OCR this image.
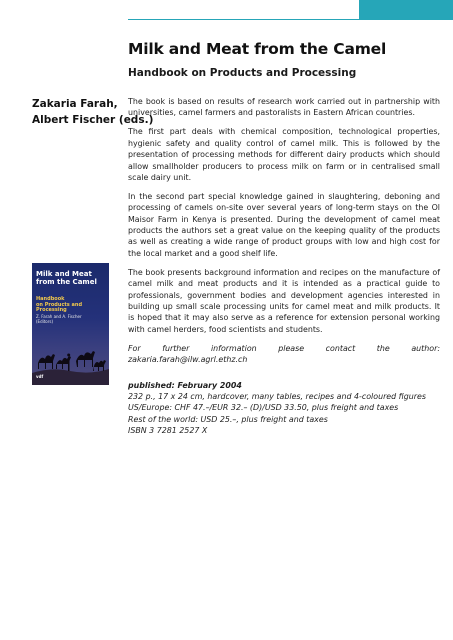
Milk and Meat from the Camel
Handbook on Products and Processing
Zakaria Farah,
Albert Fischer (eds.)

The book is based on results of research work carried out in partnership with universities, camel farmers and pastoralists in Eastern African countries.

The first part deals with chemical composition, technological properties, hygienic safety and quality control of camel milk. This is followed by the presentation of processing methods for different dairy products which should allow smallholder producers to process milk on farm or in centralised small scale dairy unit.

In the second part special knowledge gained in slaughtering, deboning and processing of camels on-site over several years of long-term stays on the Ol Maisor Farm in Kenya is presented. During the development of camel meat products the authors set a great value on the keeping quality of the products as well as creating a wide range of product groups with low and high cost for the local market and a good shelf life.

The book presents background information and recipes on the manufacture of camel milk and meat products and it is intended as a practical guide to professionals, government bodies and development agencies interested in building up small scale processing units for camel meat and milk products. It is hoped that it may also serve as a reference for extension personal working with camel herders, food scientists and students.

For further information please contact the author: zakaria.farah@ilw.agrl.ethz.ch

published: February 2004
232 p., 17 x 24 cm, hardcover, many tables, recipes and 4-coloured figures
US/Europe: CHF 47.–/EUR 32.– (D)/USD 33.50, plus freight and taxes
Rest of the world: USD 25.–, plus freight and taxes
ISBN 3 7281 2527 X
Milk and Meat
from the Camel
Handbook
on Products and
Processing
Z. Farah and A. Fischer
(Editors)
vdf
